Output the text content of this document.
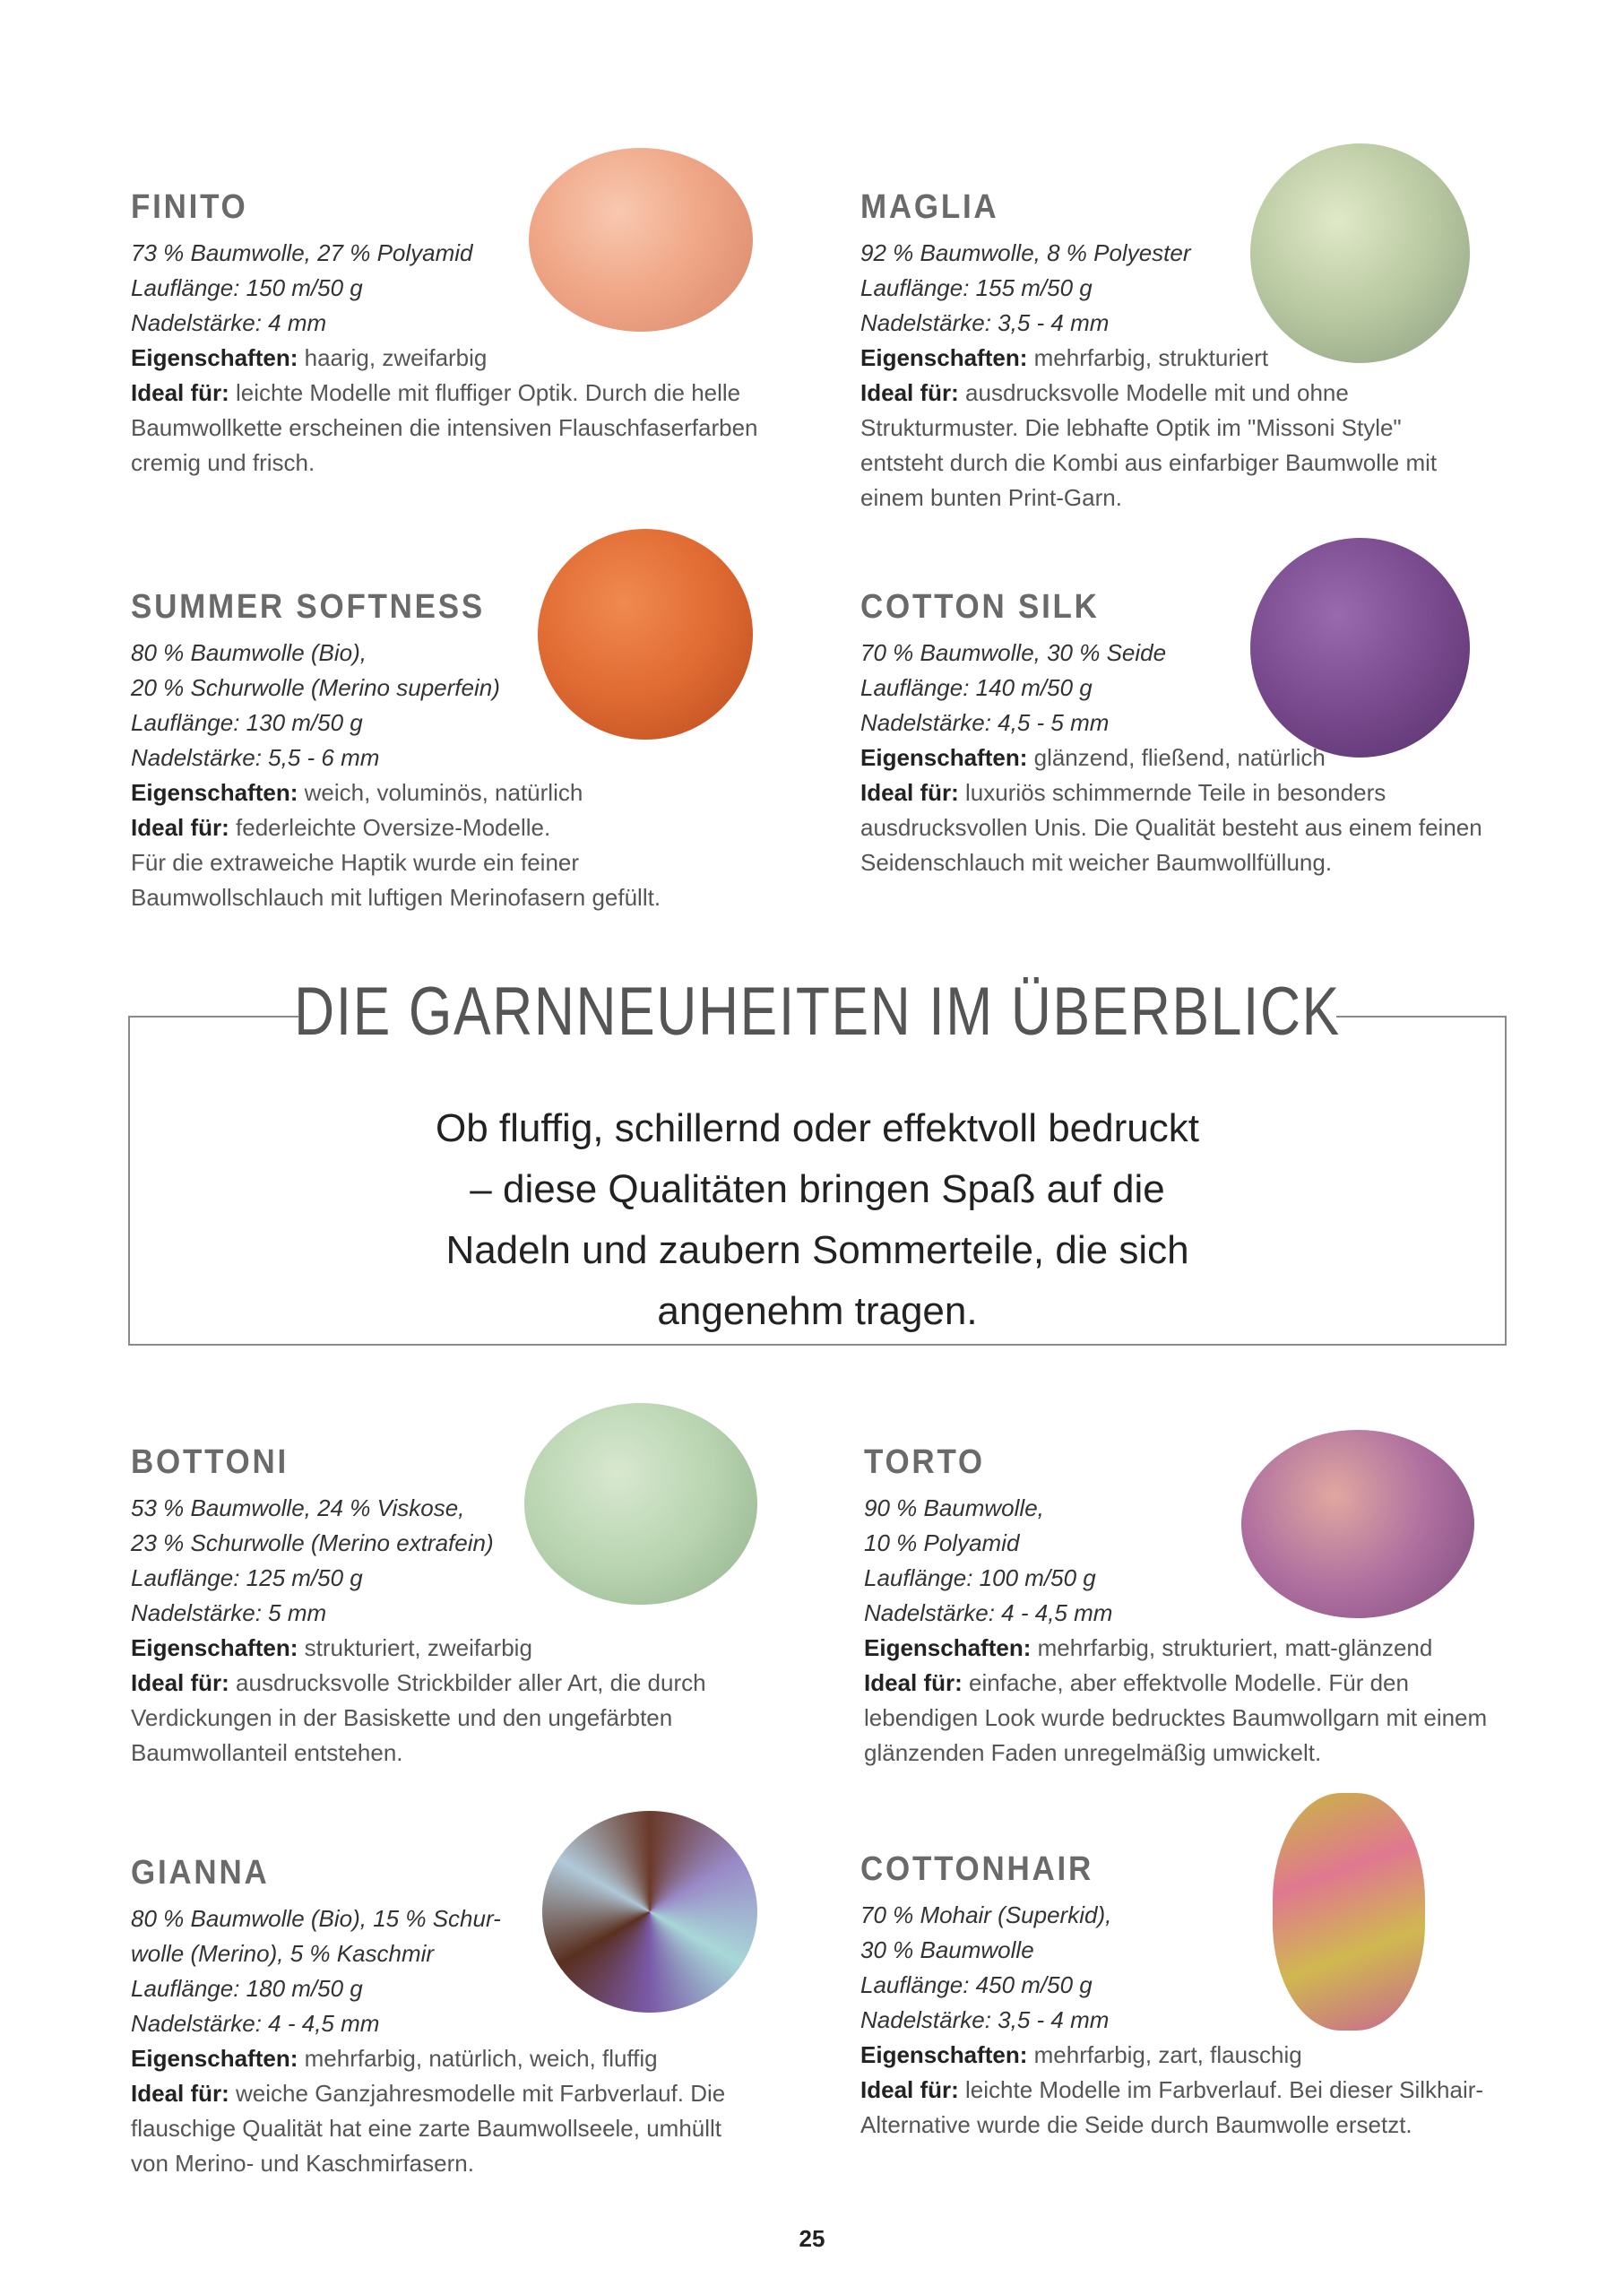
FINITO
73 % Baumwolle, 27 % Polyamid
Lauflänge: 150 m/50 g
Nadelstärke: 4 mm
Eigenschaften: haarig, zweifarbig
Ideal für: leichte Modelle mit fluffiger Optik. Durch die helle Baumwollkette erscheinen die intensiven Flauschfaserfarben cremig und frisch.
MAGLIA
92 % Baumwolle, 8 % Polyester
Lauflänge: 155 m/50 g
Nadelstärke: 3,5 - 4 mm
Eigenschaften: mehrfarbig, strukturiert
Ideal für: ausdrucksvolle Modelle mit und ohne Strukturmuster. Die lebhafte Optik im "Missoni Style" entsteht durch die Kombi aus einfarbiger Baumwolle mit einem bunten Print-Garn.
SUMMER SOFTNESS
80 % Baumwolle (Bio),
20 % Schurwolle (Merino superfein)
Lauflänge: 130 m/50 g
Nadelstärke: 5,5 - 6 mm
Eigenschaften: weich, voluminös, natürlich
Ideal für: federleichte Oversize-Modelle.
Für die extraweiche Haptik wurde ein feiner Baumwollschlauch mit luftigen Merinofasern gefüllt.
COTTON SILK
70 % Baumwolle, 30 % Seide
Lauflänge: 140 m/50 g
Nadelstärke: 4,5 - 5 mm
Eigenschaften: glänzend, fließend, natürlich
Ideal für: luxuriös schimmernde Teile in besonders ausdrucksvollen Unis. Die Qualität besteht aus einem feinen Seidenschlauch mit weicher Baumwollfüllung.
DIE GARNNEUHEITEN IM ÜBERBLICK

Ob fluffig, schillernd oder effektvoll bedruckt – diese Qualitäten bringen Spaß auf die Nadeln und zaubern Sommerteile, die sich angenehm tragen.

BOTTONI
53 % Baumwolle, 24 % Viskose,
23 % Schurwolle (Merino extrafein)
Lauflänge: 125 m/50 g
Nadelstärke: 5 mm
Eigenschaften: strukturiert, zweifarbig
Ideal für: ausdrucksvolle Strickbilder aller Art, die durch Verdickungen in der Basiskette und den ungefärbten Baumwollanteil entstehen.
TORTO
90 % Baumwolle,
10 % Polyamid
Lauflänge: 100 m/50 g
Nadelstärke: 4 - 4,5 mm
Eigenschaften: mehrfarbig, strukturiert, matt-glänzend
Ideal für: einfache, aber effektvolle Modelle. Für den lebendigen Look wurde bedrucktes Baumwollgarn mit einem glänzenden Faden unregelmäßig umwickelt.
GIANNA
80 % Baumwolle (Bio), 15 % Schur-
wolle (Merino), 5 % Kaschmir
Lauflänge: 180 m/50 g
Nadelstärke: 4 - 4,5 mm
Eigenschaften: mehrfarbig, natürlich, weich, fluffig
Ideal für: weiche Ganzjahresmodelle mit Farbverlauf. Die flauschige Qualität hat eine zarte Baumwollseele, umhüllt von Merino- und Kaschmirfasern.
COTTONHAIR
70 % Mohair (Superkid),
30 % Baumwolle
Lauflänge: 450 m/50 g
Nadelstärke: 3,5 - 4 mm
Eigenschaften: mehrfarbig, zart, flauschig
Ideal für: leichte Modelle im Farbverlauf. Bei dieser Silkhair-Alternative wurde die Seide durch Baumwolle ersetzt.
25
